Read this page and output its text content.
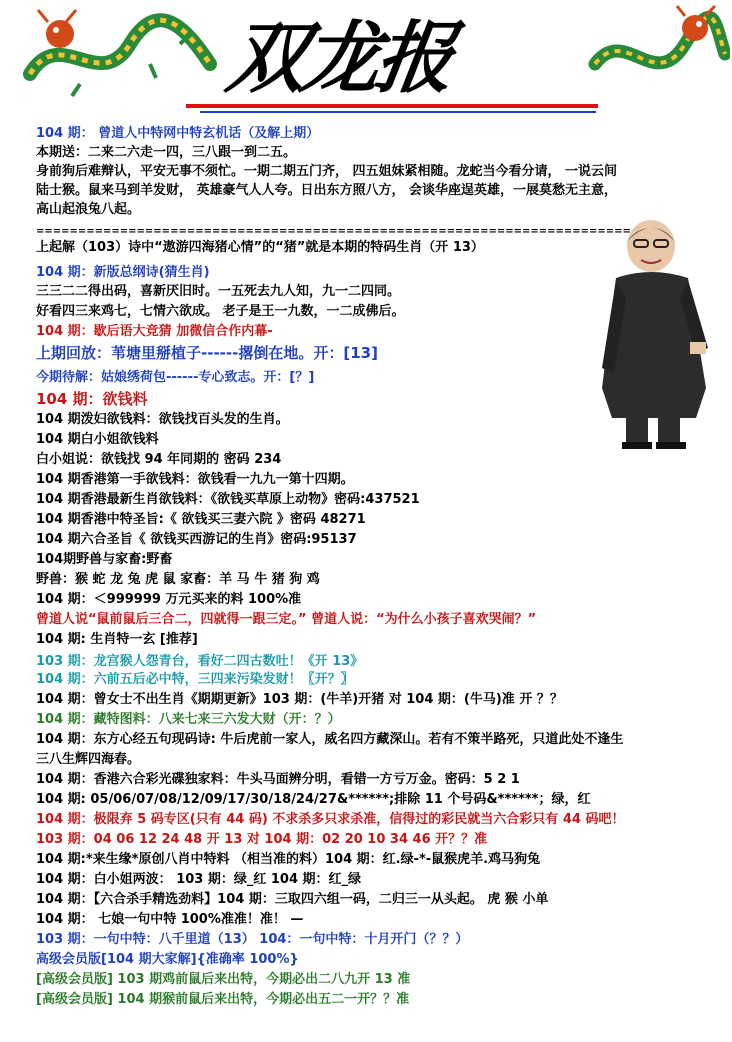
双龙报
=======================================================================
104 期： 曾道人中特网中特玄机话（及解上期）
本期送：二来二六走一四，三八跟一到二五。
身前狗后难辩认，平安无事不须忙。一期二期五门齐， 四五姐妹紧相随。龙蛇当今看分请， 一说云间
陆士猴。鼠来马到羊发财， 英雄豪气人人夸。日出东方照八方， 会谈华座逞英雄，一展莫愁无主意，
高山起浪兔八起。
上起解（103）诗中“遨游四海猪心情”的“猪”就是本期的特码生肖（开 13）
104 期：新版总纲诗(猜生肖)
三三二二得出码，喜新厌旧时。一五死去九人知，九一二四同。
好看四三来鸡七，七情六欲成。 老子是王一九数，一二成佛后。
104 期：歇后语大竞猜 加微信合作内幕-
上期回放：苇塘里掰植子------撂倒在地。开：[13]
今期待解：姑娘绣荷包------专心致志。开：[？]
104 期：欲钱料
104 期泼妇欲钱料：欲钱找百头发的生肖。
104 期白小姐欲钱料
白小姐说：欲钱找 94 年同期的 密码 234
104 期香港第一手欲钱料：欲钱看一九九一第十四期。
104 期香港最新生肖欲钱料：《欲钱买草原上动物》密码:437521
104 期香港中特圣旨:《 欲钱买三妻六院 》密码 48271
104 期六合圣旨《 欲钱买西游记的生肖》密码:95137
104期野兽与家畜:野畜
野兽：猴 蛇 龙 兔 虎 鼠 家畜：羊 马 牛 猪 狗 鸡
104 期：＜999999 万元买来的料 100%准
曾道人说“鼠前鼠后三合二，四就得一跟三定。” 曾道人说：“为什么小孩子喜欢哭闹？”
104 期: 生肖特一玄 [推荐]
103 期：龙宫猴人怨青台，看好二四古数吐！《开 13》
104 期：六前五后必中特，三四来污染发财！〖开？〗
104 期：曾女士不出生肖《期期更新》103 期：(牛羊)开猪 对 104 期：(牛马)准 开 ？？
104 期：藏特图料：八来七来三六发大财（开：？）
104 期：东方心经五句现码诗: 牛后虎前一家人，威名四方藏深山。若有不策半路死，只道此处不逢生
三八生辉四海春。
104 期：香港六合彩光碟独家料：牛头马面辨分明，看错一方亏万金。密码：5 2 1
104 期: 05/06/07/08/12/09/17/30/18/24/27&******;排除 11 个号码&******；绿，红
104 期：极限弃 5 码专区(只有 44 码) 不求杀多只求杀准，信得过的彩民就当六合彩只有 44 码吧！
103 期：04 06 12 24 48 开 13 对 104 期：02 20 10 34 46 开？？准
104 期:*来生缘*原创八肖中特料 （相当准的料）104 期：红.绿-*-鼠猴虎羊.鸡马狗兔
104 期：白小姐两波： 103 期：绿_红 104 期：红_绿
104 期：【六合杀手精选劲料】104 期：三取四六组一码，二归三一从头起。 虎 猴 小单
104 期： 七娘一句中特 100%准准！准！ —
103 期：一句中特：八千里道（13） 104：一句中特：十月开门（？？）
高级会员版[104 期大家解]{准确率 100%}
[高级会员版] 103 期鸡前鼠后来出特，今期必出二八九开 13 准
[高级会员版] 104 期猴前鼠后来出特，今期必出五二一开？？准
